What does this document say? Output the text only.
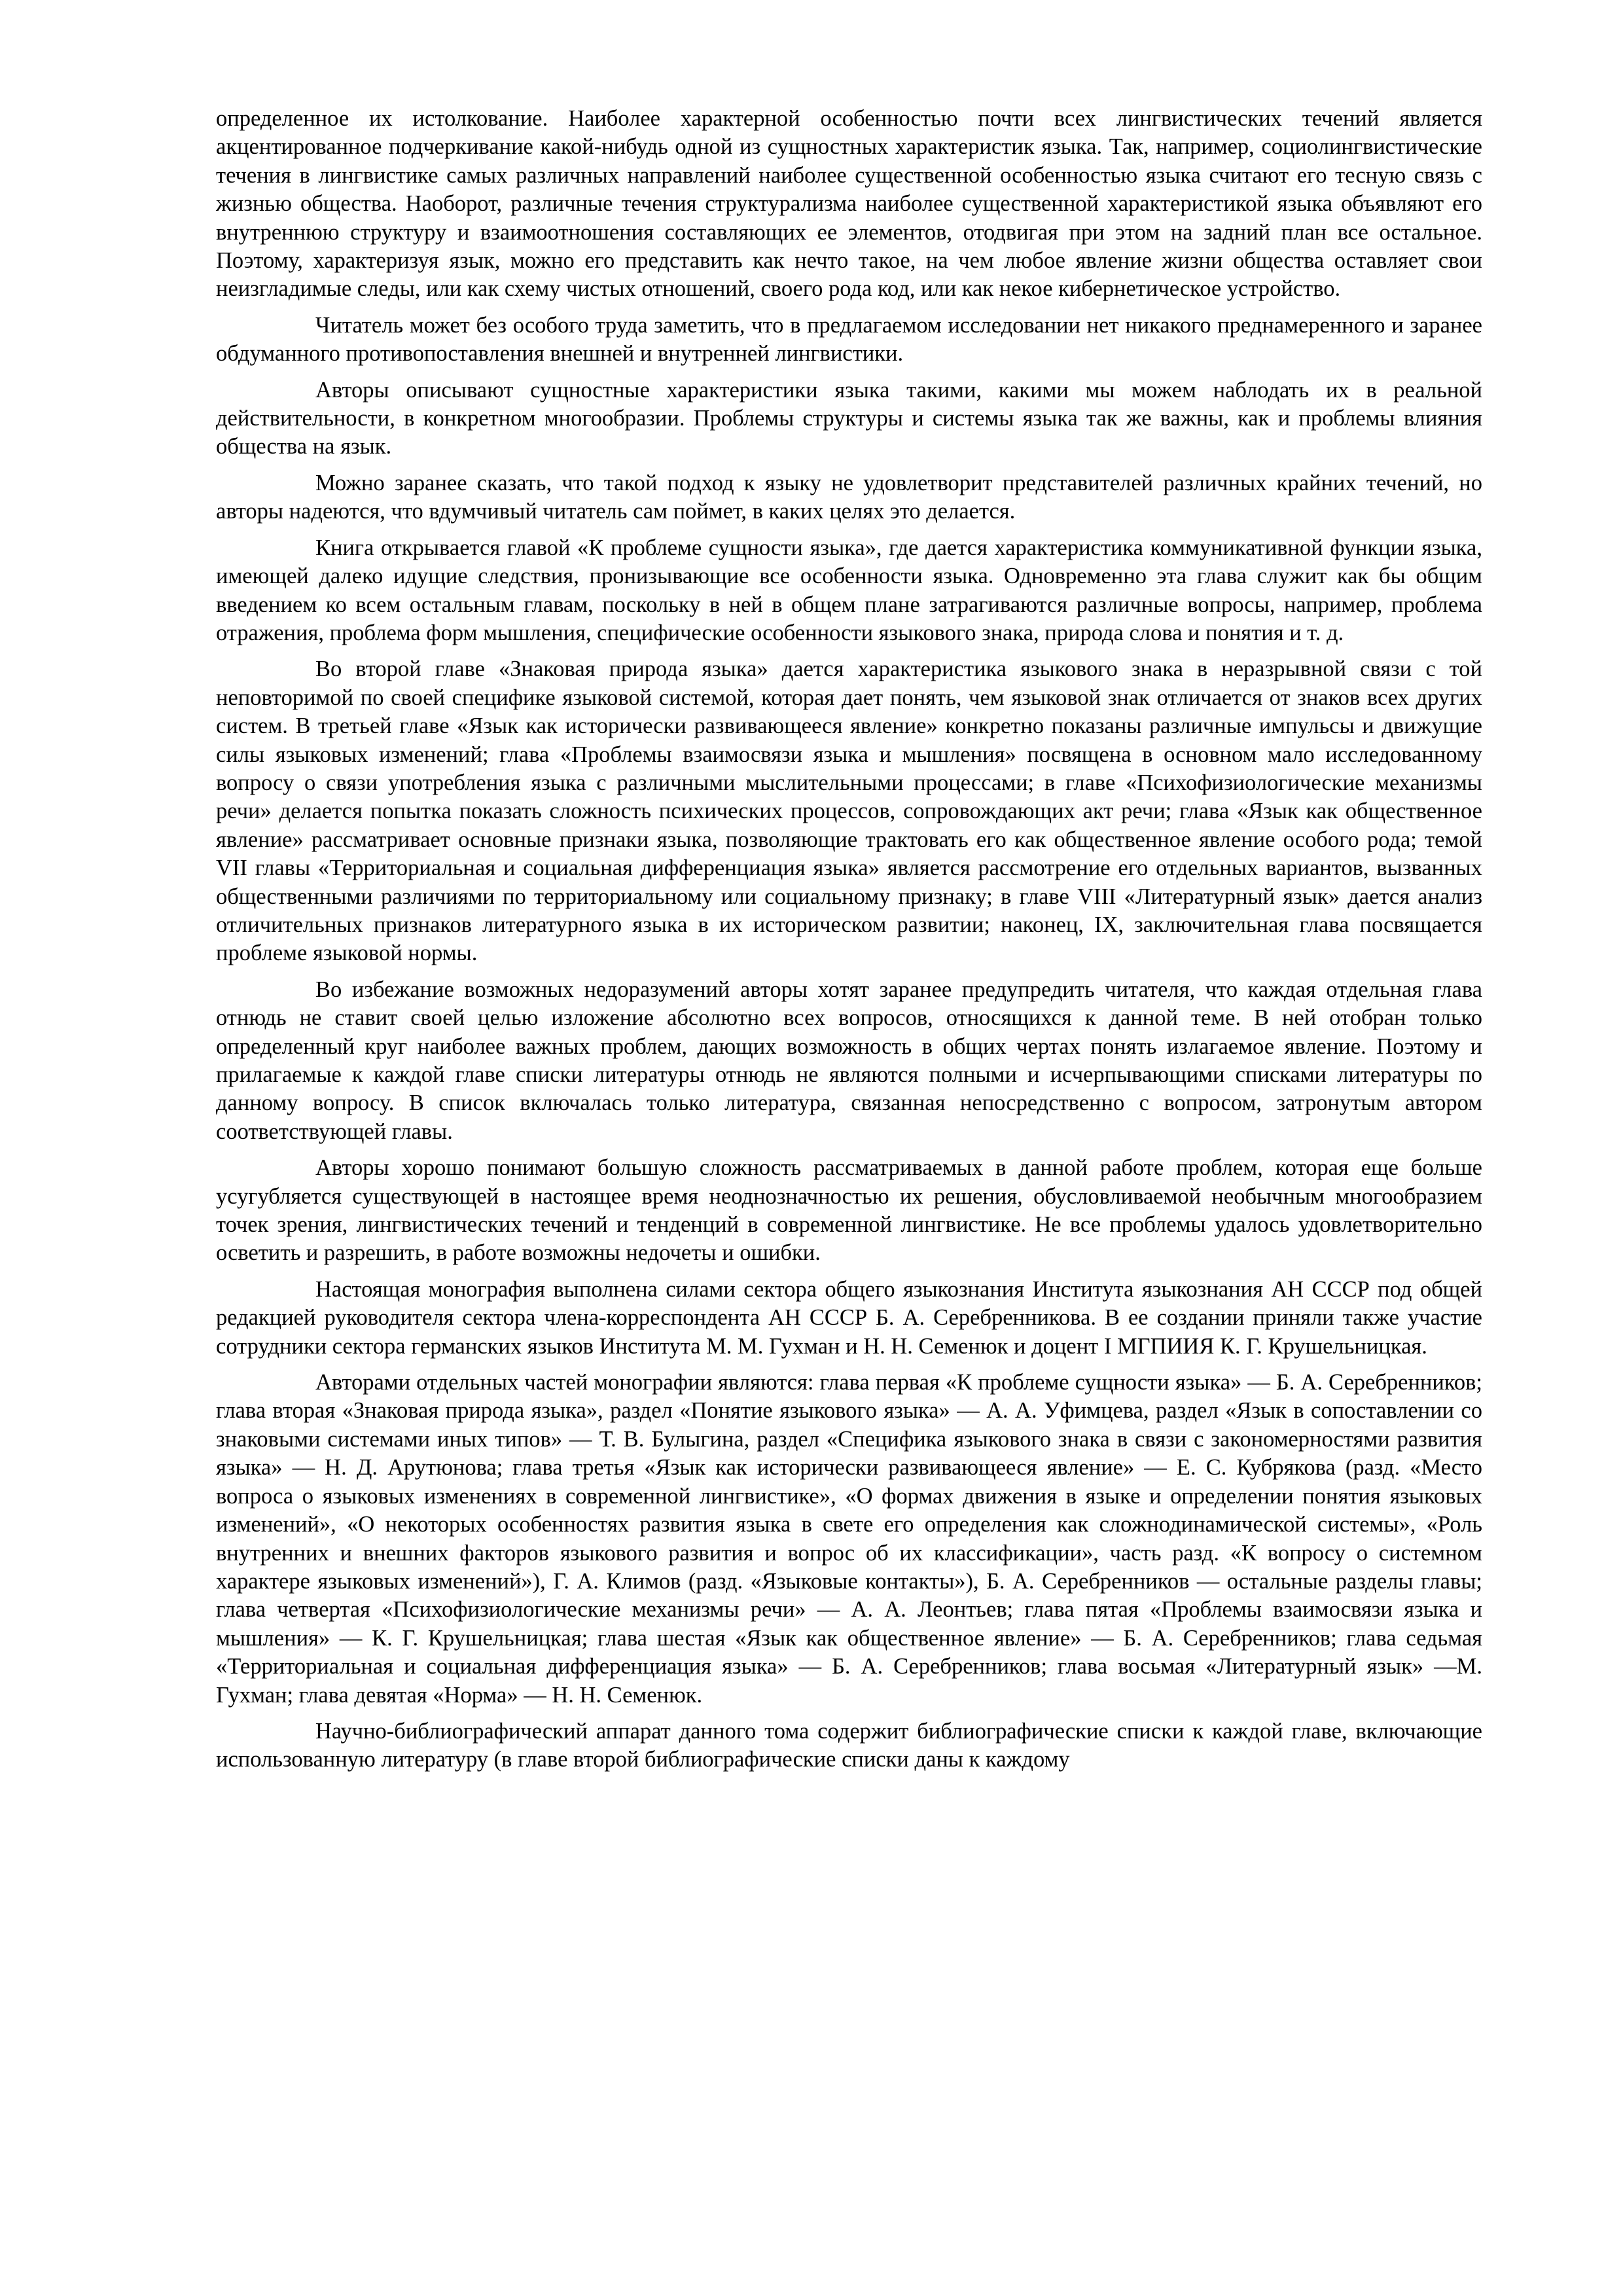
определенное их истолкование. Наиболее характерной особенностью почти всех лингвистических течений является акцентированное подчеркивание какой-нибудь одной из сущностных характеристик языка. Так, например, социолингвистические течения в лингвистике самых различных направлений наиболее существенной особенностью языка считают его тесную связь с жизнью общества. Наоборот, различные течения структурализма наиболее существенной характеристикой языка объявляют его внутреннюю структуру и взаимоотношения составляющих ее элементов, отодвигая при этом на задний план все остальное. Поэтому, характеризуя язык, можно его представить как нечто такое, на чем любое явление жизни общества оставляет свои неизгладимые следы, или как схему чистых отношений, своего рода код, или как некое кибернетическое устройство.

Читатель может без особого труда заметить, что в предлагаемом исследовании нет никакого преднамеренного и заранее обдуманного противопоставления внешней и внутренней лингвистики.

Авторы описывают сущностные характеристики языка такими, какими мы можем наблодать их в реальной действительности, в конкретном многообразии. Проблемы структуры и системы языка так же важны, как и проблемы влияния общества на язык.

Можно заранее сказать, что такой подход к языку не удовлетворит представителей различных крайних течений, но авторы надеются, что вдумчивый читатель сам поймет, в каких целях это делается.

Книга открывается главой «К проблеме сущности языка», где дается характеристика коммуникативной функции языка, имеющей далеко идущие следствия, пронизывающие все особенности языка. Одновременно эта глава служит как бы общим введением ко всем остальным главам, поскольку в ней в общем плане затрагиваются различные вопросы, например, проблема отражения, проблема форм мышления, специфические особенности языкового знака, природа слова и понятия и т. д.

Во второй главе «Знаковая природа языка» дается характеристика языкового знака в неразрывной связи с той неповторимой по своей специфике языковой системой, которая дает понять, чем языковой знак отличается от знаков всех других систем. В третьей главе «Язык как исторически развивающееся явление» конкретно показаны различные импульсы и движущие силы языковых изменений; глава «Проблемы взаимосвязи языка и мышления» посвящена в основном мало исследованному вопросу о связи употребления языка с различными мыслительными процессами; в главе «Психофизиологические механизмы речи» делается попытка показать сложность психических процессов, сопровождающих акт речи; глава «Язык как общественное явление» рассматривает основные признаки языка, позволяющие трактовать его как общественное явление особого рода; темой VII главы «Территориальная и социальная дифференциация языка» является рассмотрение его отдельных вариантов, вызванных общественными различиями по территориальному или социальному признаку; в главе VIII «Литературный язык» дается анализ отличительных признаков литературного языка в их историческом развитии; наконец, IX, заключительная глава посвящается проблеме языковой нормы.

Во избежание возможных недоразумений авторы хотят заранее предупредить читателя, что каждая отдельная глава отнюдь не ставит своей целью изложение абсолютно всех вопросов, относящихся к данной теме. В ней отобран только определенный круг наиболее важных проблем, дающих возможность в общих чертах понять излагаемое явление. Поэтому и прилагаемые к каждой главе списки литературы отнюдь не являются полными и исчерпывающими списками литературы по данному вопросу. В список включалась только литература, связанная непосредственно с вопросом, затронутым автором соответствующей главы.

Авторы хорошо понимают большую сложность рассматриваемых в данной работе проблем, которая еще больше усугубляется существующей в настоящее время неоднозначностью их решения, обусловливаемой необычным многообразием точек зрения, лингвистических течений и тенденций в современной лингвистике. Не все проблемы удалось удовлетворительно осветить и разрешить, в работе возможны недочеты и ошибки.

Настоящая монография выполнена силами сектора общего языкознания Института языкознания АН СССР под общей редакцией руководителя сектора члена-корреспондента АН СССР Б. А. Серебренникова. В ее создании приняли также участие сотрудники сектора германских языков Института М. М. Гухман и Н. Н. Семенюк и доцент I МГПИИЯ К. Г. Крушельницкая.

Авторами отдельных частей монографии являются: глава первая «К проблеме сущности языка» — Б. А. Серебренников; глава вторая «Знаковая природа языка», раздел «Понятие языкового языка» — А. А. Уфимцева, раздел «Язык в сопоставлении со знаковыми системами иных типов» — Т. В. Булыгина, раздел «Специфика языкового знака в связи с закономерностями развития языка» — Н. Д. Арутюнова; глава третья «Язык как исторически развивающееся явление» — Е. С. Кубрякова (разд. «Место вопроса о языковых изменениях в современной лингвистике», «О формах движения в языке и определении понятия языковых изменений», «О некоторых особенностях развития языка в свете его определения как сложнодинамической системы», «Роль внутренних и внешних факторов языкового развития и вопрос об их классификации», часть разд. «К вопросу о системном характере языковых изменений»), Г. А. Климов (разд. «Языковые контакты»), Б. А. Серебренников — остальные разделы главы; глава четвертая «Психофизиологические механизмы речи» — А. А. Леонтьев; глава пятая «Проблемы взаимосвязи языка и мышления» — К. Г. Крушельницкая; глава шестая «Язык как общественное явление» — Б. А. Серебренников; глава седьмая «Территориальная и социальная дифференциация языка» — Б. А. Серебренников; глава восьмая «Литературный язык» —М. Гухман; глава девятая «Норма» — Н. Н. Семенюк.

Научно-библиографический аппарат данного тома содержит библиографические списки к каждой главе, включающие использованную литературу (в главе второй библиографические списки даны к каждому
